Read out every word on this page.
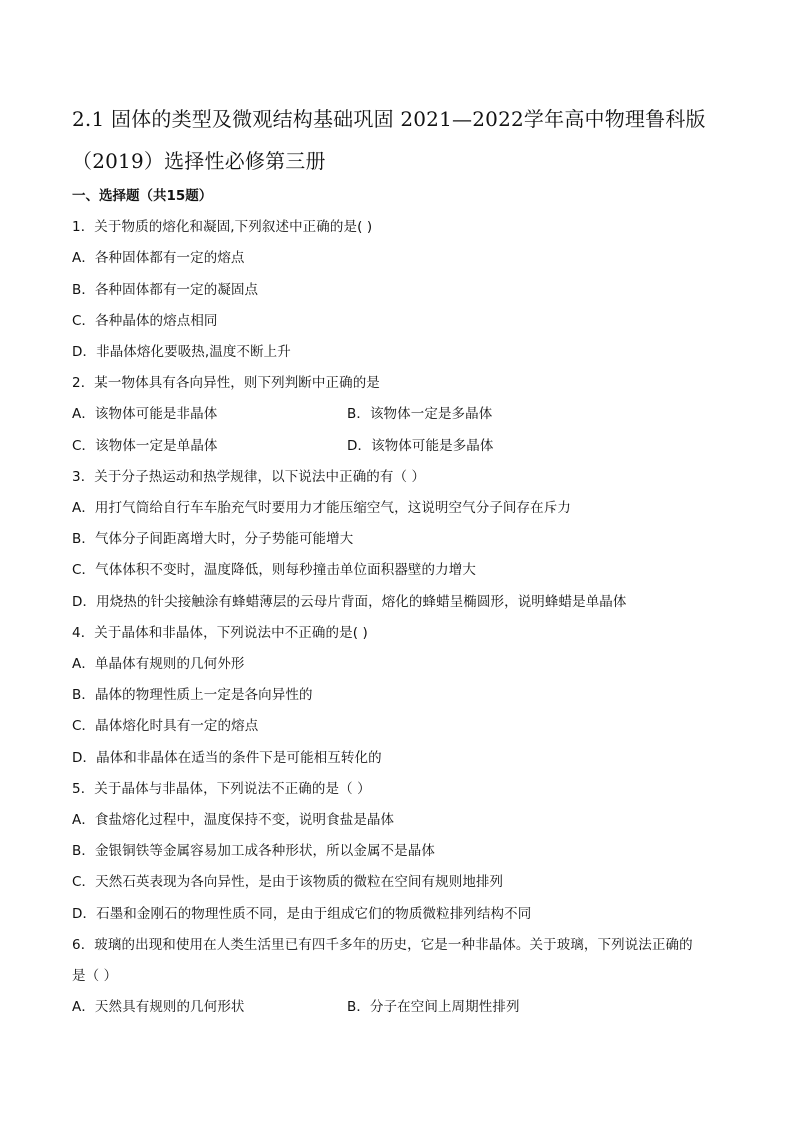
2.1 固体的类型及微观结构基础巩固 2021—2022学年高中物理鲁科版
（2019）选择性必修第三册
一、选择题（共15题）
1．关于物质的熔化和凝固,下列叙述中正确的是( )
A．各种固体都有一定的熔点
B．各种固体都有一定的凝固点
C．各种晶体的熔点相同
D．非晶体熔化要吸热,温度不断上升
2．某一物体具有各向异性，则下列判断中正确的是
A．该物体可能是非晶体	B．该物体一定是多晶体
C．该物体一定是单晶体	D．该物体可能是多晶体
3．关于分子热运动和热学规律，以下说法中正确的有（ ）
A．用打气筒给自行车车胎充气时要用力才能压缩空气，这说明空气分子间存在斥力
B．气体分子间距离增大时，分子势能可能增大
C．气体体积不变时，温度降低，则每秒撞击单位面积器壁的力增大
D．用烧热的针尖接触涂有蜂蜡薄层的云母片背面，熔化的蜂蜡呈椭圆形，说明蜂蜡是单晶体
4．关于晶体和非晶体，下列说法中不正确的是( )
A．单晶体有规则的几何外形
B．晶体的物理性质上一定是各向异性的
C．晶体熔化时具有一定的熔点
D．晶体和非晶体在适当的条件下是可能相互转化的
5．关于晶体与非晶体，下列说法不正确的是（ ）
A．食盐熔化过程中，温度保持不变，说明食盐是晶体
B．金银铜铁等金属容易加工成各种形状，所以金属不是晶体
C．天然石英表现为各向异性，是由于该物质的微粒在空间有规则地排列
D．石墨和金刚石的物理性质不同，是由于组成它们的物质微粒排列结构不同
6．玻璃的出现和使用在人类生活里已有四千多年的历史，它是一种非晶体。关于玻璃，下列说法正确的
是（ ）
A．天然具有规则的几何形状	B．分子在空间上周期性排列
